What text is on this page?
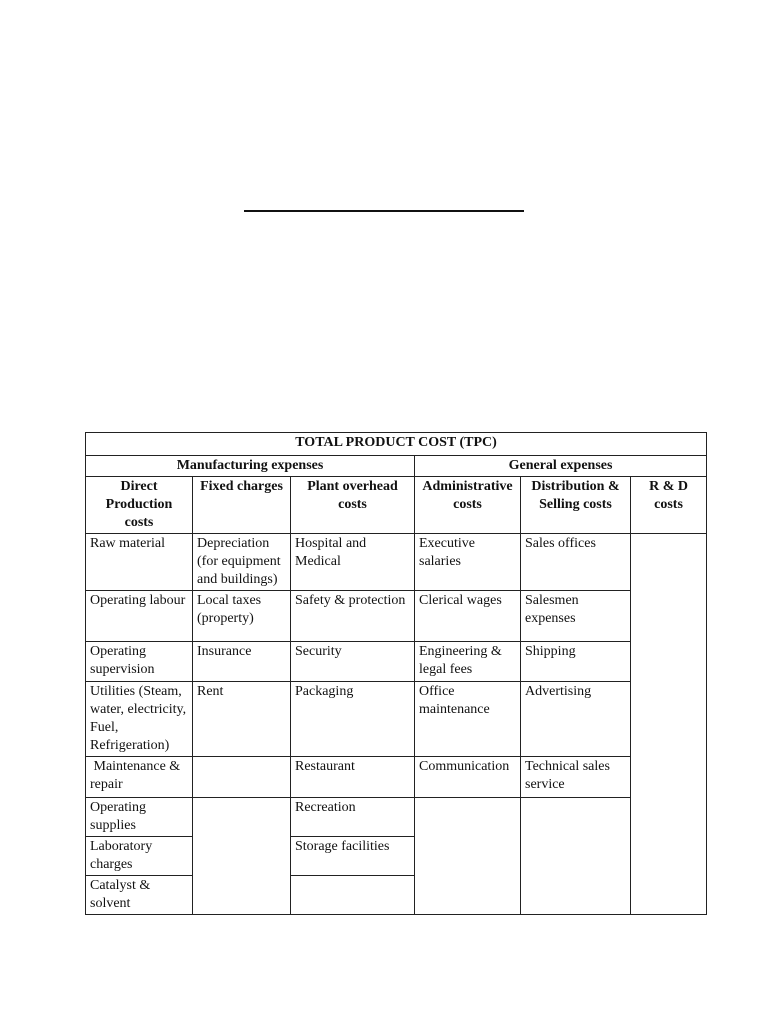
TOTAL PRODUCT COST (TPC)					
Manufacturing expenses			General expenses		
Direct Production costs	Fixed charges	Plant overhead costs	Administrative costs	Distribution & Selling costs	R & D costs
Raw material	Depreciation (for equipment and buildings)	Hospital and Medical	Executive salaries	Sales offices	
Operating labour	Local taxes (property)	Safety & protection	Clerical wages	Salesmen expenses	
Operating supervision	Insurance	Security	Engineering & legal fees	Shipping	
Utilities (Steam, water, electricity, Fuel, Refrigeration)	Rent	Packaging	Office maintenance	Advertising	
Maintenance & repair		Restaurant	Communication	Technical sales service	
Operating supplies		Recreation			
Laboratory charges		Storage facilities			
Catalyst & solvent					
